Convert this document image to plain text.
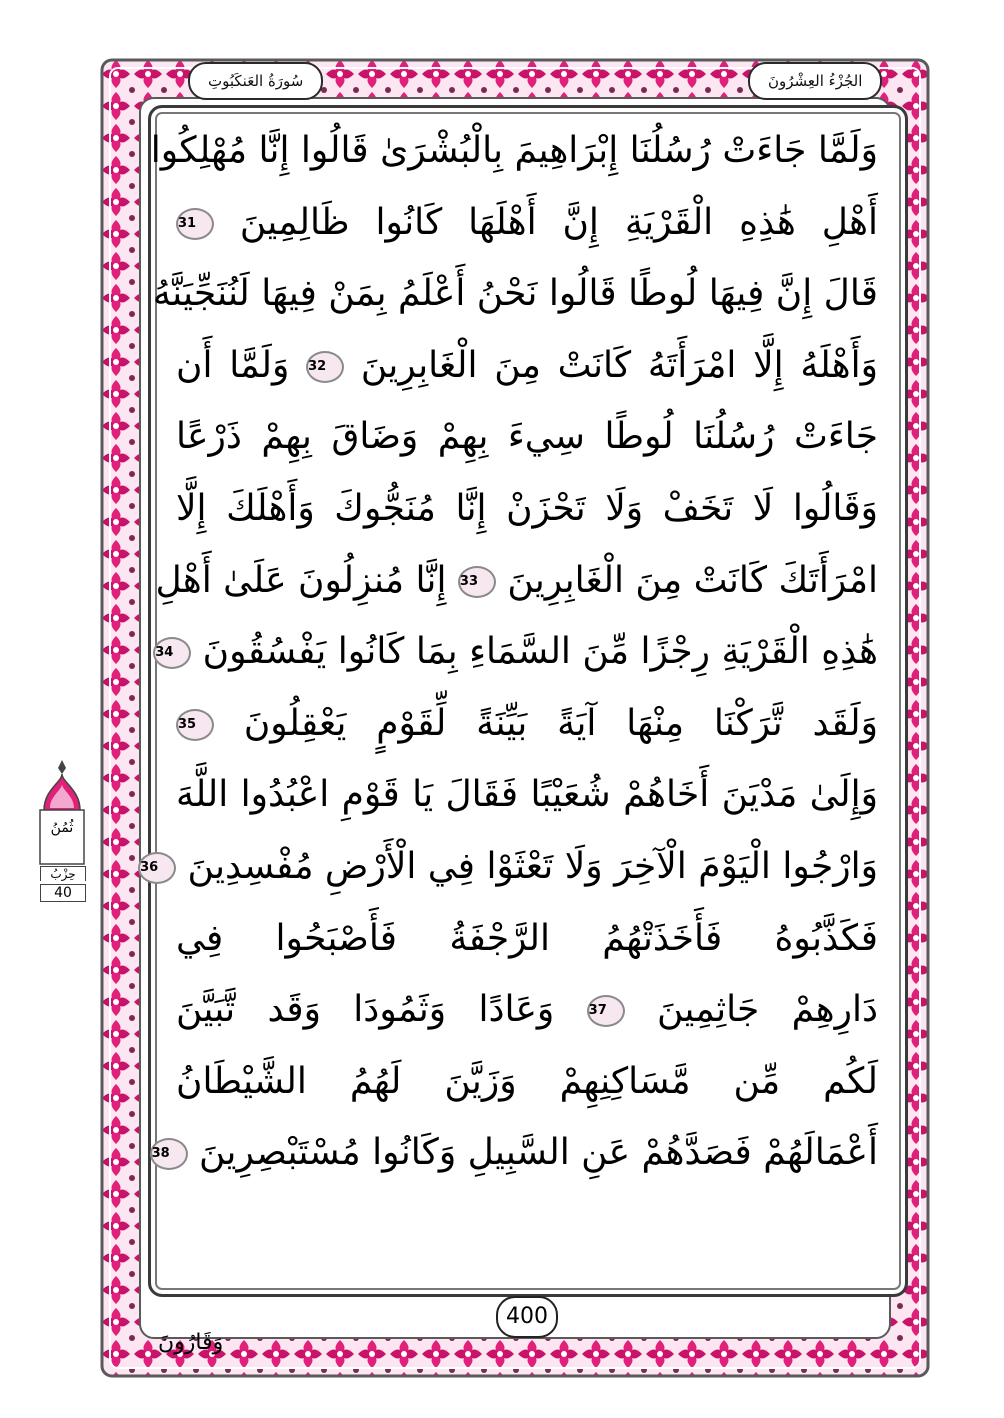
الجُزْءُ العِشْرُونَ
سُورَةُ العَنكَبُوتِ
وَلَمَّا جَاءَتْ رُسُلُنَا إِبْرَاهِيمَ بِالْبُشْرَىٰ قَالُوا إِنَّا مُهْلِكُوا
أَهْلِ هَٰذِهِ الْقَرْيَةِ إِنَّ أَهْلَهَا كَانُوا ظَالِمِينَ 31
قَالَ إِنَّ فِيهَا لُوطًا قَالُوا نَحْنُ أَعْلَمُ بِمَنْ فِيهَا لَنُنَجِّيَنَّهُ
وَأَهْلَهُ إِلَّا امْرَأَتَهُ كَانَتْ مِنَ الْغَابِرِينَ 32 وَلَمَّا أَن
جَاءَتْ رُسُلُنَا لُوطًا سِيءَ بِهِمْ وَضَاقَ بِهِمْ ذَرْعًا
وَقَالُوا لَا تَخَفْ وَلَا تَحْزَنْ إِنَّا مُنَجُّوكَ وَأَهْلَكَ إِلَّا
امْرَأَتَكَ كَانَتْ مِنَ الْغَابِرِينَ 33 إِنَّا مُنزِلُونَ عَلَىٰ أَهْلِ
هَٰذِهِ الْقَرْيَةِ رِجْزًا مِّنَ السَّمَاءِ بِمَا كَانُوا يَفْسُقُونَ 34
وَلَقَد تَّرَكْنَا مِنْهَا آيَةً بَيِّنَةً لِّقَوْمٍ يَعْقِلُونَ 35
وَإِلَىٰ مَدْيَنَ أَخَاهُمْ شُعَيْبًا فَقَالَ يَا قَوْمِ اعْبُدُوا اللَّهَ
وَارْجُوا الْيَوْمَ الْآخِرَ وَلَا تَعْثَوْا فِي الْأَرْضِ مُفْسِدِينَ 36
فَكَذَّبُوهُ فَأَخَذَتْهُمُ الرَّجْفَةُ فَأَصْبَحُوا فِي
دَارِهِمْ جَاثِمِينَ 37 وَعَادًا وَثَمُودَا وَقَد تَّبَيَّنَ
لَكُم مِّن مَّسَاكِنِهِمْ وَزَيَّنَ لَهُمُ الشَّيْطَانُ
أَعْمَالَهُمْ فَصَدَّهُمْ عَنِ السَّبِيلِ وَكَانُوا مُسْتَبْصِرِينَ 38
400
وَقَارُونَ
ثُمُنُ
حِزْبُ
40
